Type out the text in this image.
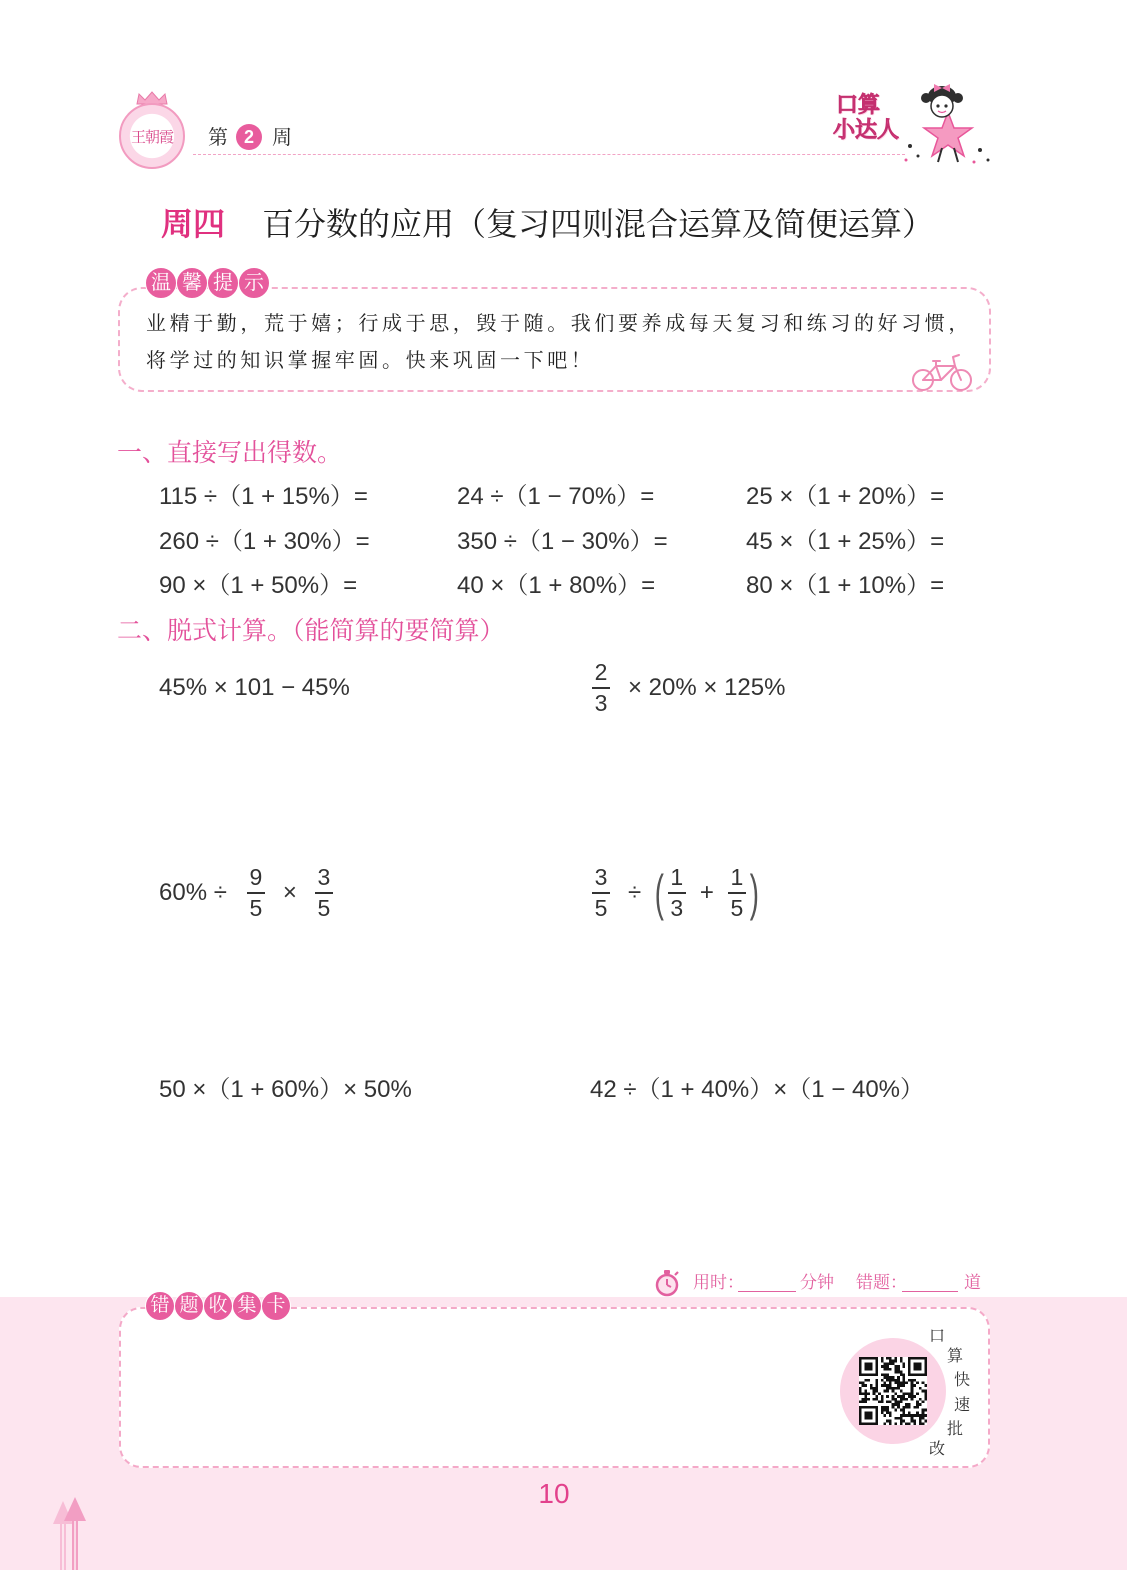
王朝霞 第 2 周
口算
小达人
周四 百分数的应用（复习四则混合运算及简便运算）
温 馨 提 示
业精于勤，荒于嬉；行成于思，毁于随。我们要养成每天复习和练习的好习惯，
将学过的知识掌握牢固。快来巩固一下吧！
一、直接写出得数。
115 ÷（1 + 15%）=	24 ÷（1 − 70%）=	25 ×（1 + 20%）=
260 ÷（1 + 30%）=	350 ÷（1 − 30%）=	45 ×（1 + 25%）=
90 ×（1 + 50%）=	40 ×（1 + 80%）=	80 ×（1 + 10%）=
二、脱式计算。（能简算的要简算）
45% × 101 − 45%	$\frac{2}{3} \times 20\% \times 125\%$
$60\% \div \frac{9}{5} \times \frac{3}{5}$	$\frac{3}{5}$ ÷ ( $\frac{1}{3} + \frac{1}{5}$ )
50 ×（1 + 60%）× 50%	42 ÷（1 + 40%）×（1 − 40%）
用时：	分钟 错题：	道
错 题 收 集 卡
口
算
快
速
批
改
10
